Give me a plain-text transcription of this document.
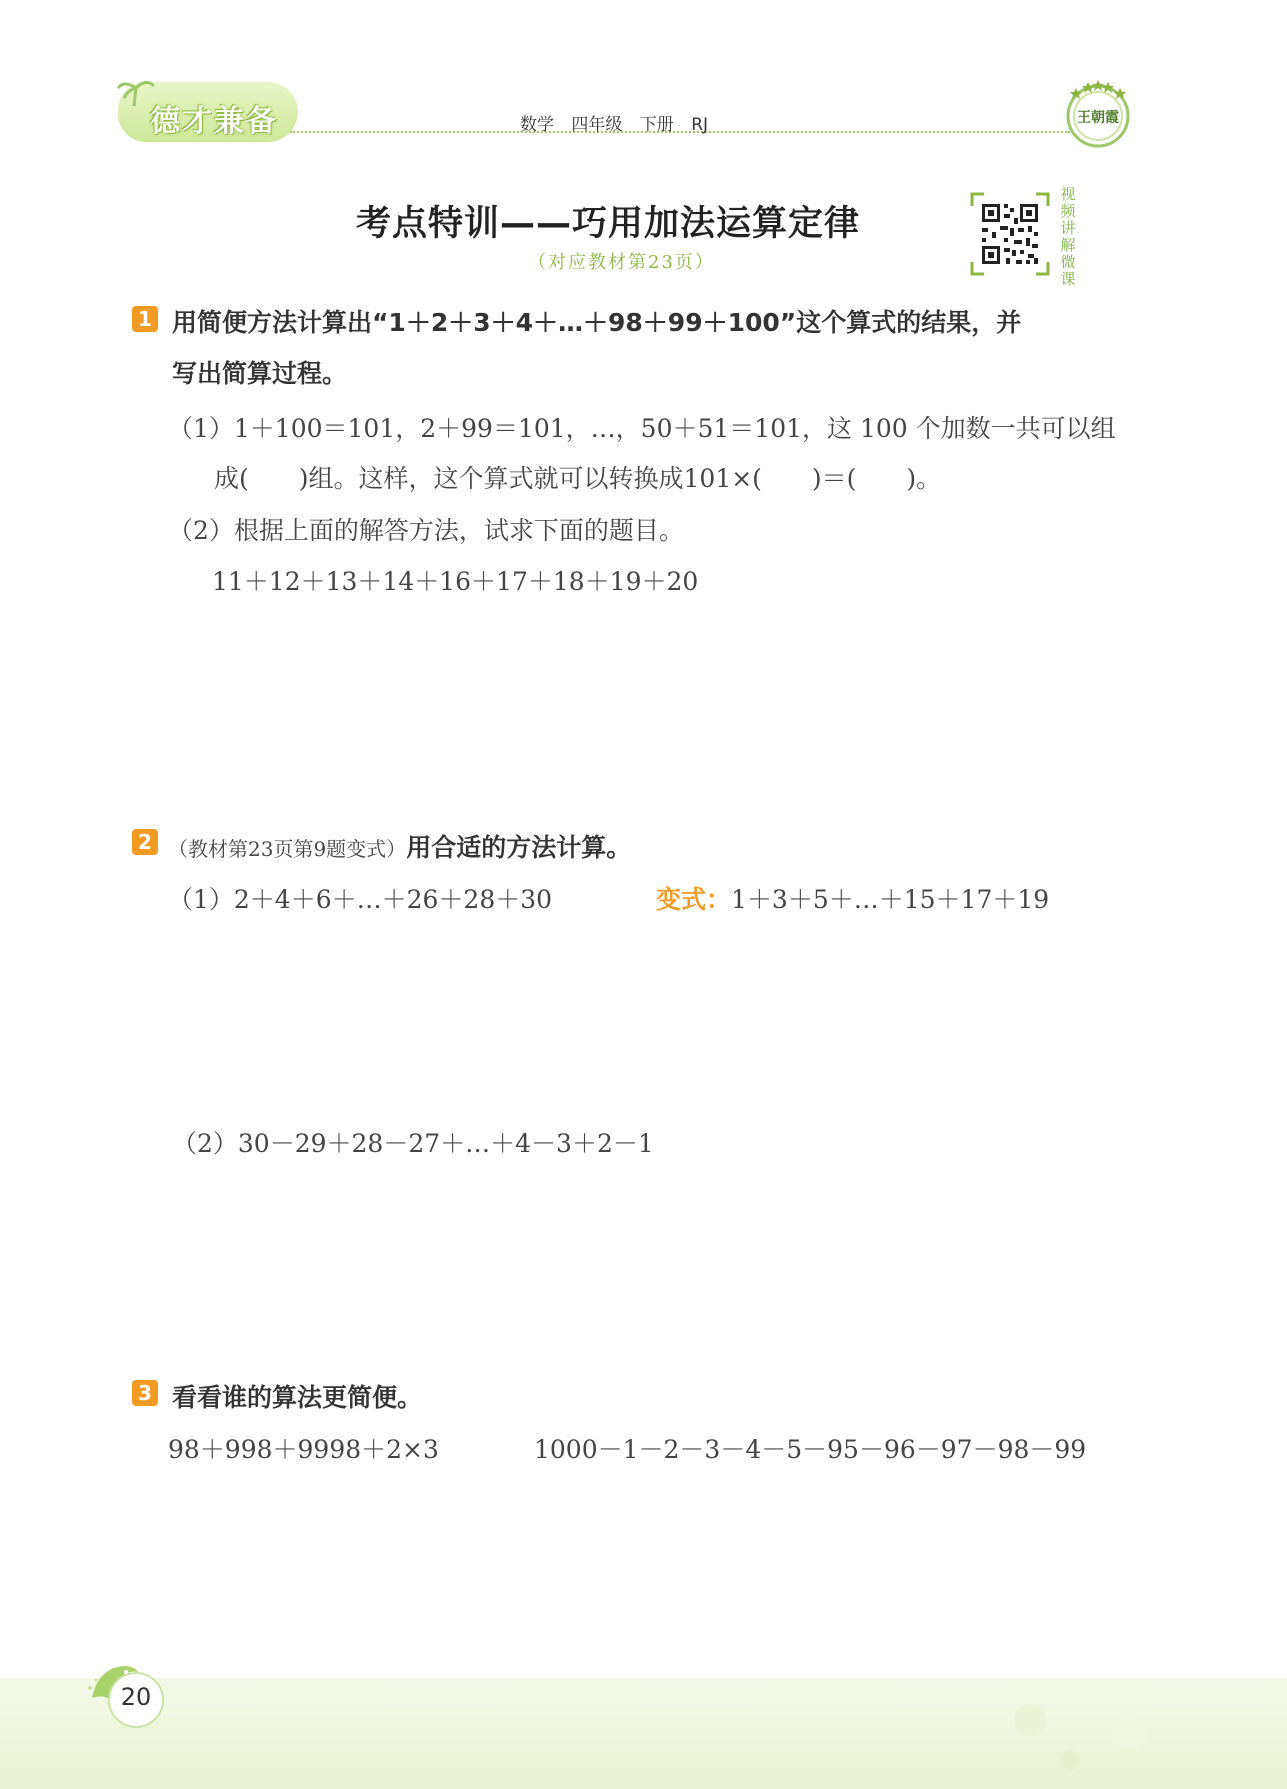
德才兼备	数学 四年级 下册 RJ	王朝霞
考点特训——巧用加法运算定律
（对应教材第23页）
视频讲解微课
1 用简便方法计算出“1＋2＋3＋4＋…＋98＋99＋100”这个算式的结果，并
写出简算过程。
（1）1＋100＝101，2＋99＝101，…，50＋51＝101，这 100 个加数一共可以组
成(　　)组。这样，这个算式就可以转换成101×(　　)＝(　　)。
（2）根据上面的解答方法，试求下面的题目。
11＋12＋13＋14＋16＋17＋18＋19＋20
2 （教材第23页第9题变式）用合适的方法计算。
（1）2＋4＋6＋…＋26＋28＋30	变式：1＋3＋5＋…＋15＋17＋19
（2）30－29＋28－27＋…＋4－3＋2－1
3 看看谁的算法更简便。
98＋998＋9998＋2×3	1000－1－2－3－4－5－95－96－97－98－99
20
